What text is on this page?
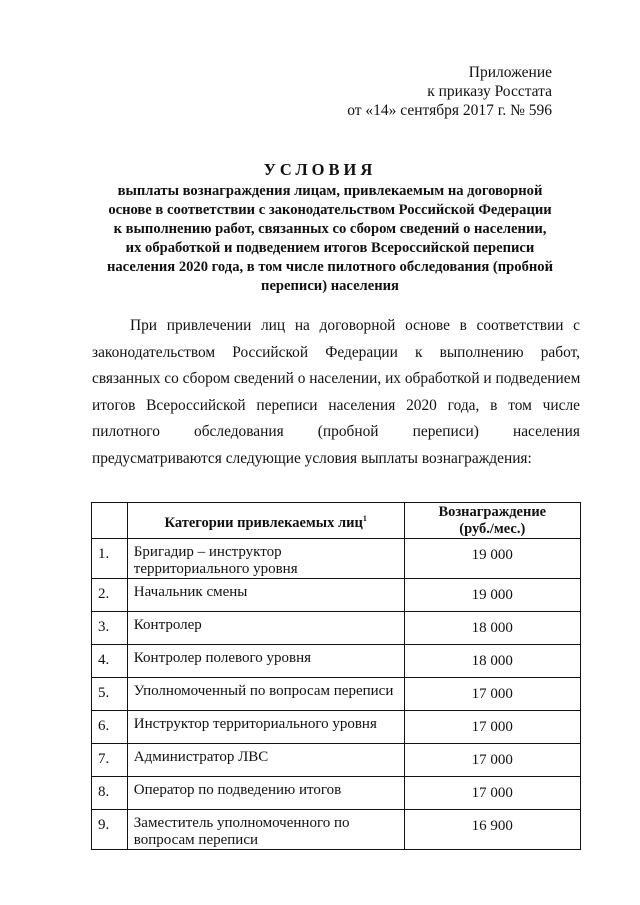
Приложение
к приказу Росстата
от «14» сентября 2017 г. № 596
УСЛОВИЯ
выплаты вознаграждения лицам, привлекаемым на договорной
основе в соответствии с законодательством Российской Федерации
к выполнению работ, связанных со сбором сведений о населении,
их обработкой и подведением итогов Всероссийской переписи
населения 2020 года, в том числе пилотного обследования (пробной
переписи) населения
При привлечении лиц на договорной основе в соответствии с
законодательством Российской Федерации к выполнению работ,
связанных со сбором сведений о населении, их обработкой и подведением
итогов Всероссийской переписи населения 2020 года, в том числе
пилотного обследования (пробной переписи) населения
предусматриваются следующие условия выплаты вознаграждения:
	Категории привлекаемых лиц$^1$	Вознаграждение
(руб./мес.)

1.	Бригадир – инструктор территориального уровня	19 000
2.	Начальник смены	19 000
3.	Контролер	18 000
4.	Контролер полевого уровня	18 000
5.	Уполномоченный по вопросам переписи	17 000
6.	Инструктор территориального уровня	17 000
7.	Администратор ЛВС	17 000
8.	Оператор по подведению итогов	17 000
9.	Заместитель уполномоченного по вопросам переписи	16 900
